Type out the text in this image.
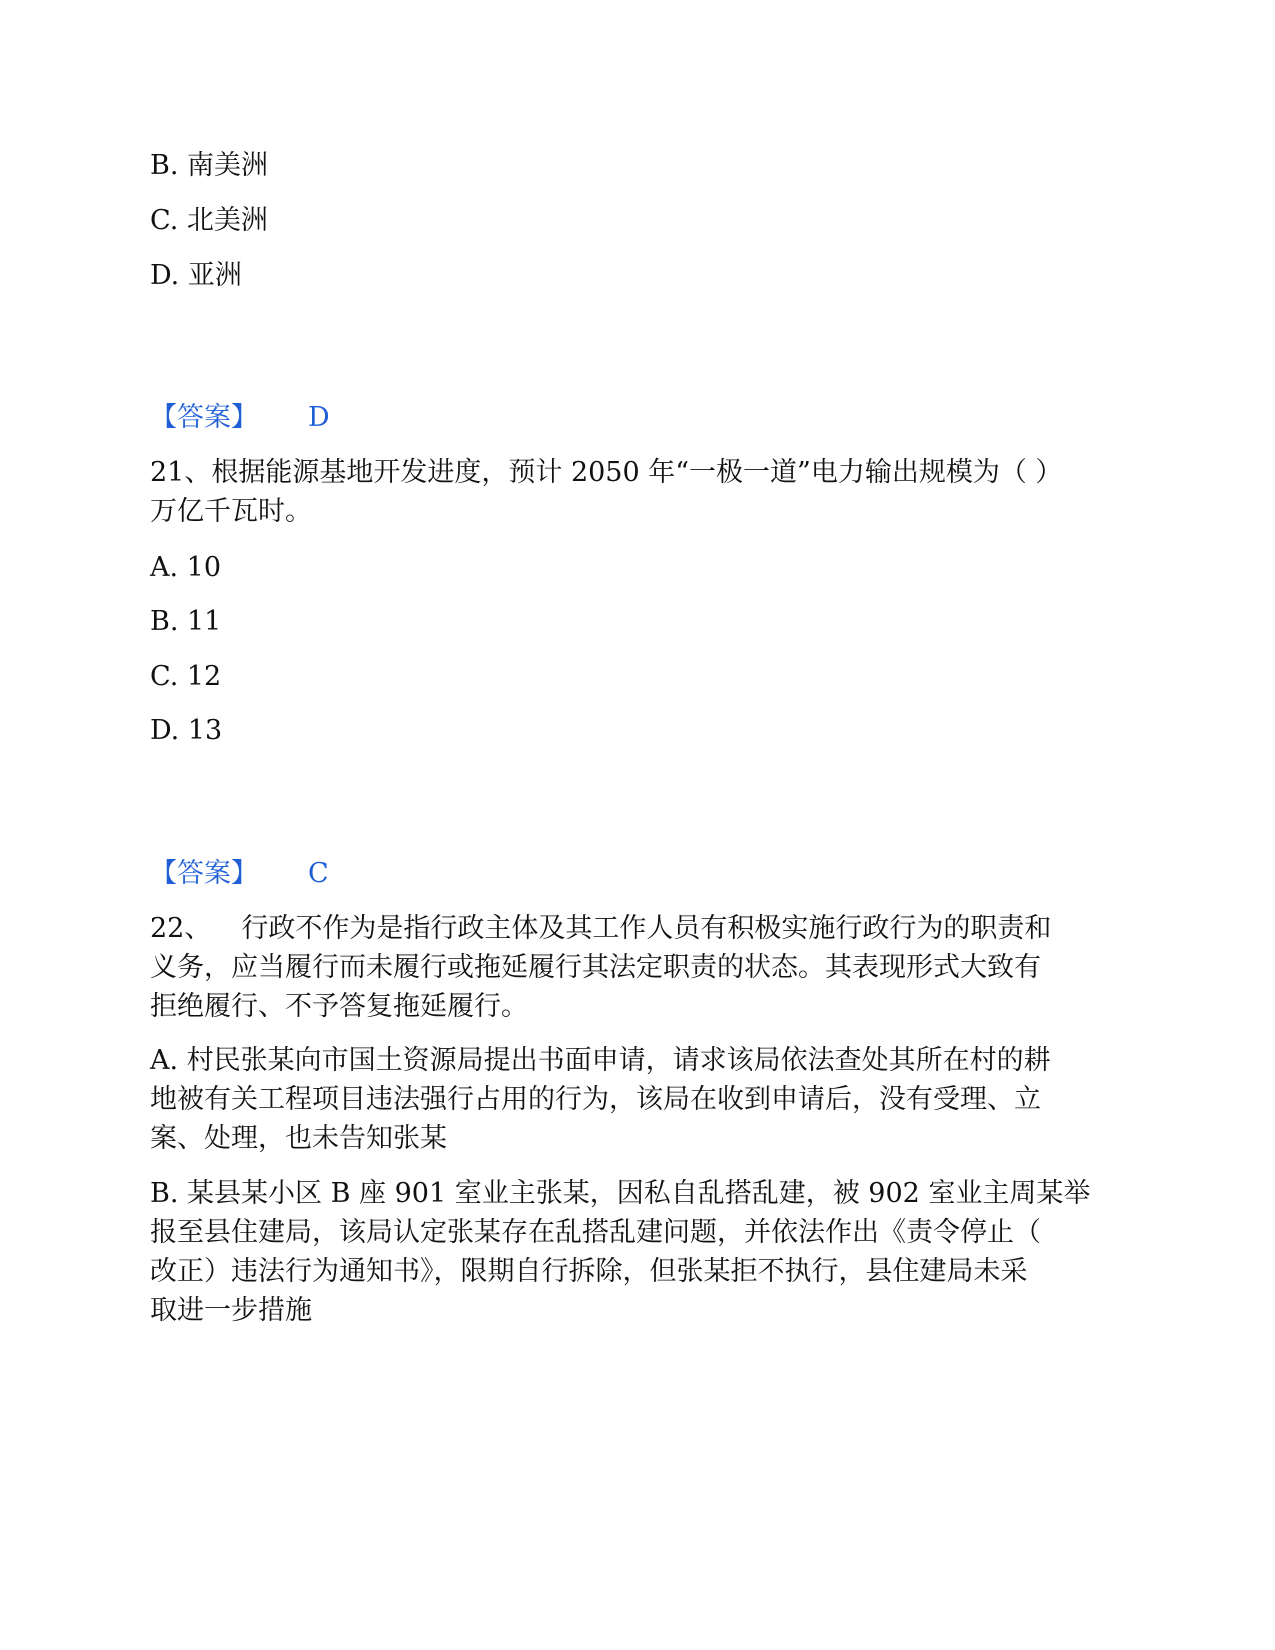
B. 南美洲
C. 北美洲
D. 亚洲
【答案】 D
21、根据能源基地开发进度，预计 2050 年“一极一道”电力输出规模为（ ）
万亿千瓦时。
A. 10
B. 11
C. 12
D. 13
【答案】 C
22、 行政不作为是指行政主体及其工作人员有积极实施行政行为的职责和
义务，应当履行而未履行或拖延履行其法定职责的状态。其表现形式大致有
拒绝履行、不予答复拖延履行。
A. 村民张某向市国土资源局提出书面申请，请求该局依法查处其所在村的耕
地被有关工程项目违法强行占用的行为，该局在收到申请后，没有受理、立
案、处理，也未告知张某
B. 某县某小区 B 座 901 室业主张某，因私自乱搭乱建，被 902 室业主周某举
报至县住建局，该局认定张某存在乱搭乱建问题，并依法作出《责令停止（
改正）违法行为通知书》，限期自行拆除，但张某拒不执行，县住建局未采
取进一步措施
